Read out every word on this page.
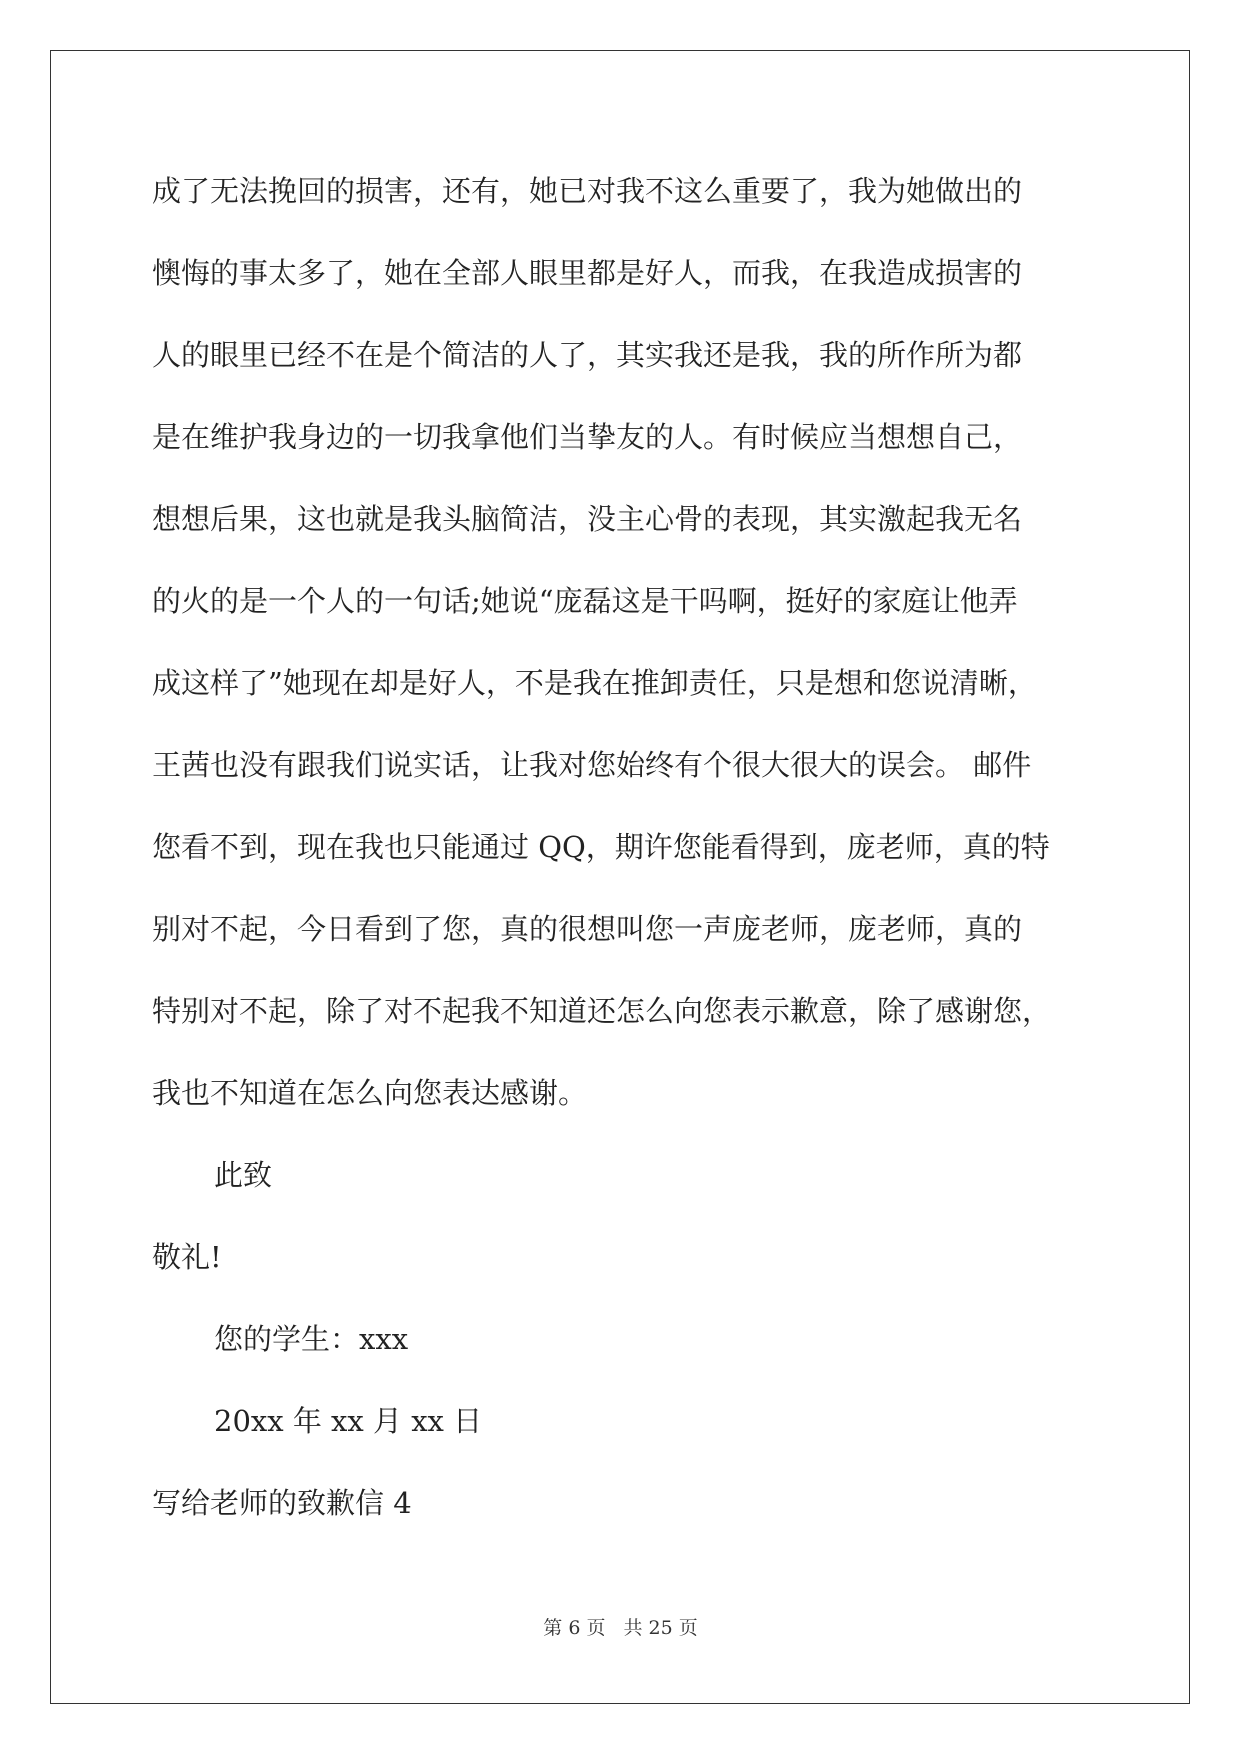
成了无法挽回的损害，还有，她已对我不这么重要了，我为她做出的
懊悔的事太多了，她在全部人眼里都是好人，而我，在我造成损害的
人的眼里已经不在是个简洁的人了，其实我还是我，我的所作所为都
是在维护我身边的一切我拿他们当挚友的人。有时候应当想想自己，
想想后果，这也就是我头脑简洁，没主心骨的表现，其实激起我无名
的火的是一个人的一句话;她说“庞磊这是干吗啊，挺好的家庭让他弄
成这样了”她现在却是好人，不是我在推卸责任，只是想和您说清晰，
王茜也没有跟我们说实话，让我对您始终有个很大很大的误会。 邮件
您看不到，现在我也只能通过 QQ，期许您能看得到，庞老师，真的特
别对不起，今日看到了您，真的很想叫您一声庞老师，庞老师，真的
特别对不起，除了对不起我不知道还怎么向您表示歉意，除了感谢您，
我也不知道在怎么向您表达感谢。
此致
敬礼!
您的学生：xxx
20xx 年 xx 月 xx 日
写给老师的致歉信 4
第 6 页 共 25 页
